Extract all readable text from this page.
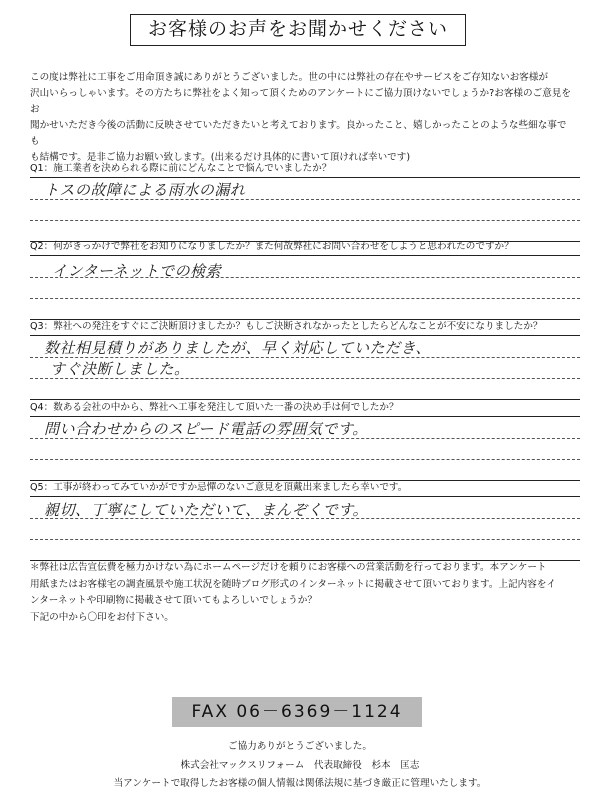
お客様のお声をお聞かせください

この度は弊社に工事をご用命頂き誠にありがとうございました。世の中には弊社の存在やサービスをご存知ないお客様が

沢山いらっしゃいます。その方たちに弊社をよく知って頂くためのアンケートにご協力頂けないでしょうか?お客様のご意見をお

聞かせいただき今後の活動に反映させていただきたいと考えております。良かったこと、嬉しかったことのような些細な事でも

も結構です。是非ご協力お願い致します。(出来るだけ具体的に書いて頂ければ幸いです)

Q1：施工業者を決められる際に前にどんなことで悩んでいましたか？
トスの故障による雨水の漏れ
Q2：何がきっかけで弊社をお知りになりましたか？また何故弊社にお問い合わせをしようと思われたのですか？
インターネットでの検索
Q3：弊社への発注をすぐにご決断頂けましたか？もしご決断されなかったとしたらどんなことが不安になりましたか？
数社相見積りがありましたが、早く対応していただき、
すぐ決断しました。
Q4：数ある会社の中から、弊社へ工事を発注して頂いた一番の決め手は何でしたか？
問い合わせからのスピード電話の雰囲気です。
Q5：工事が終わってみていかがですか忌憚のないご意見を頂戴出来ましたら幸いです。
親切、丁寧にしていただいて、まんぞくです。

＊弊社は広告宣伝費を極力かけない為にホームページだけを頼りにお客様への営業活動を行っております。本アンケート

用紙またはお客様宅の調査風景や施工状況を随時ブログ形式のインターネットに掲載させて頂いております。上記内容をイ

ンターネットや印刷物に掲載させて頂いてもよろしいでしょうか？

下記の中から〇印をお付下さい。

FAX 06－6369－1124
ご協力ありがとうございました。
株式会社マックスリフォーム　代表取締役　杉本　匡志
当アンケートで取得したお客様の個人情報は関係法規に基づき厳正に管理いたします。
